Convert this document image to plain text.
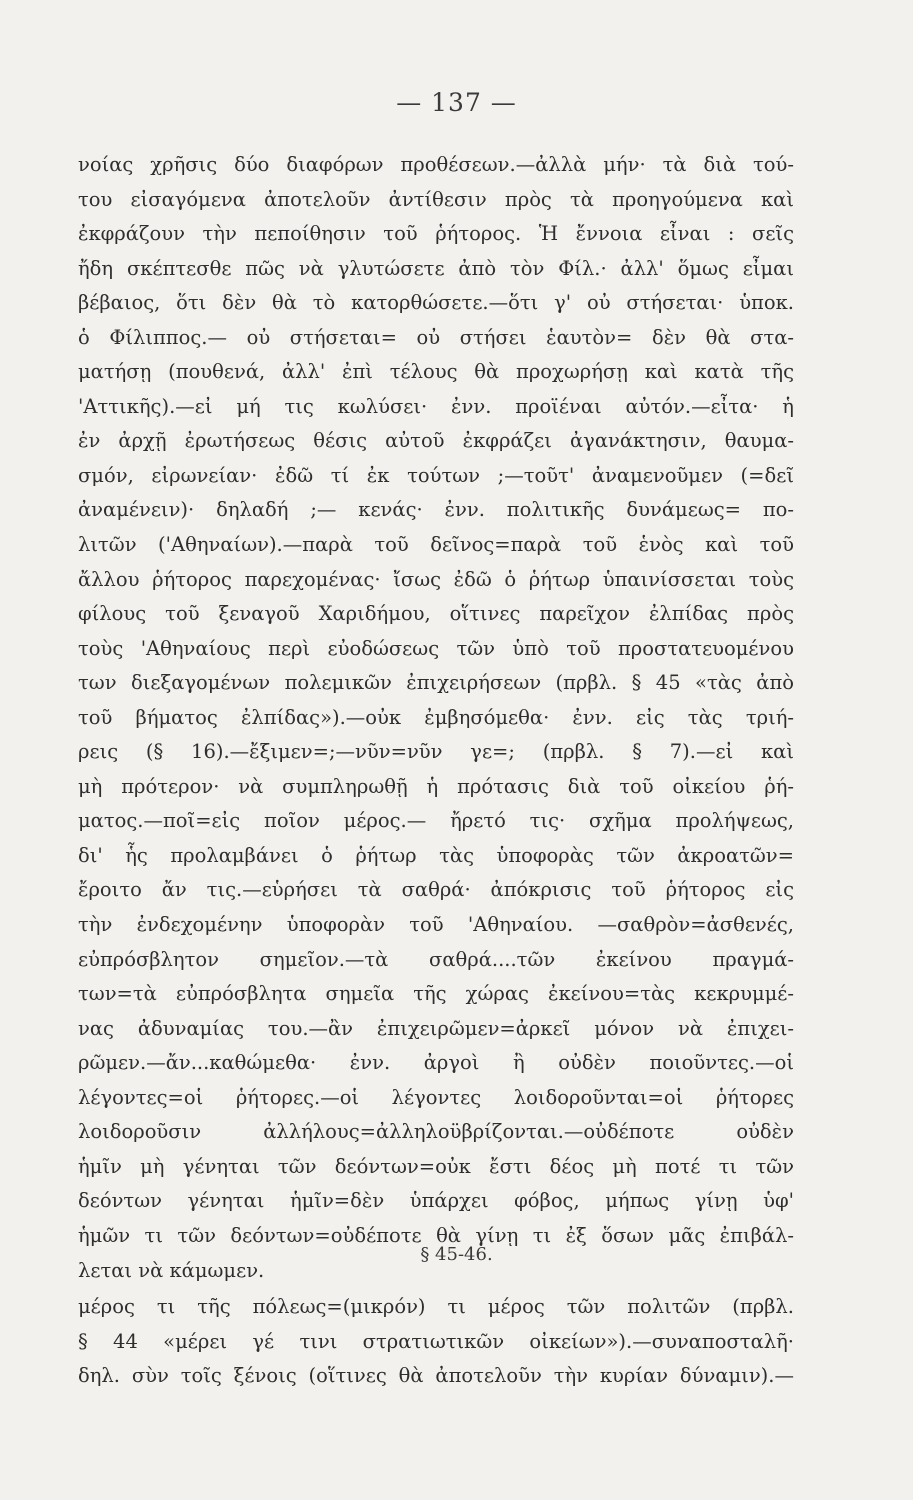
— 137 —
νοίας χρῆσις δύο διαφόρων προθέσεων.—ἀλλὰ μήν· τὰ διὰ τού-
του εἰσαγόμενα ἀποτελοῦν ἀντίθεσιν πρὸς τὰ προηγούμενα καὶ
ἐκφράζουν τὴν πεποίθησιν τοῦ ῥήτορος. Ἡ ἔννοια εἶναι : σεῖς
ἤδη σκέπτεσθε πῶς νὰ γλυτώσετε ἀπὸ τὸν Φίλ.· ἀλλ' ὅμως εἶμαι
βέβαιος, ὅτι δὲν θὰ τὸ κατορθώσετε.—ὅτι γ' οὐ στήσεται· ὑποκ.
ὁ Φίλιππος.— οὐ στήσεται= οὐ στήσει ἑαυτὸν= δὲν θὰ στα-
ματήσῃ (πουθενά, ἀλλ' ἐπὶ τέλους θὰ προχωρήσῃ καὶ κατὰ τῆς
'Αττικῆς).—εἰ μή τις κωλύσει· ἐνν. προϊέναι αὐτόν.—εἶτα· ἡ
ἐν ἀρχῇ ἐρωτήσεως θέσις αὐτοῦ ἐκφράζει ἀγανάκτησιν, θαυμα-
σμόν, εἰρωνείαν· ἐδῶ τί ἐκ τούτων ;—τοῦτ' ἀναμενοῦμεν (=δεῖ
ἀναμένειν)· δηλαδή ;— κενάς· ἐνν. πολιτικῆς δυνάμεως= πο-
λιτῶν ('Αθηναίων).—παρὰ τοῦ δεῖνος=παρὰ τοῦ ἑνὸς καὶ τοῦ
ἄλλου ῥήτορος παρεχομένας· ἴσως ἐδῶ ὁ ῥήτωρ ὑπαινίσσεται τοὺς
φίλους τοῦ ξεναγοῦ Χαριδήμου, οἵτινες παρεῖχον ἐλπίδας πρὸς
τοὺς 'Αθηναίους περὶ εὐοδώσεως τῶν ὑπὸ τοῦ προστατευομένου
των διεξαγομένων πολεμικῶν ἐπιχειρήσεων (πρβλ. § 45 «τὰς ἀπὸ
τοῦ βήματος ἐλπίδας»).—οὐκ ἐμβησόμεθα· ἐνν. εἰς τὰς τριή-
ρεις (§ 16).—ἔξιμεν=;—νῦν=νῦν γε=; (πρβλ. § 7).—εἰ καὶ
μὴ πρότερον· νὰ συμπληρωθῇ ἡ πρότασις διὰ τοῦ οἰκείου ῥή-
ματος.—ποῖ=εἰς ποῖον μέρος.— ἤρετό τις· σχῆμα προλήψεως,
δι' ἧς προλαμβάνει ὁ ῥήτωρ τὰς ὑποφορὰς τῶν ἀκροατῶν=
ἔροιτο ἄν τις.—εὑρήσει τὰ σαθρά· ἀπόκρισις τοῦ ῥήτορος εἰς
τὴν ἐνδεχομένην ὑποφορὰν τοῦ 'Αθηναίου. —σαθρὸν=ἀσθενές,
εὐπρόσβλητον σημεῖον.—τὰ σαθρά....τῶν ἐκείνου πραγμά-
των=τὰ εὐπρόσβλητα σημεῖα τῆς χώρας ἐκείνου=τὰς κεκρυμμέ-
νας ἀδυναμίας του.—ἂν ἐπιχειρῶμεν=ἀρκεῖ μόνον νὰ ἐπιχει-
ρῶμεν.—ἄν...καθώμεθα· ἐνν. ἀργοὶ ἢ οὐδὲν ποιοῦντες.—οἱ
λέγοντες=οἱ ῥήτορες.—οἱ λέγοντες λοιδοροῦνται=οἱ ῥήτορες
λοιδοροῦσιν ἀλλήλους=ἀλληλοϋβρίζονται.—οὐδέποτε οὐδὲν
ἡμῖν μὴ γένηται τῶν δεόντων=οὐκ ἔστι δέος μὴ ποτέ τι τῶν
δεόντων γένηται ἡμῖν=δὲν ὑπάρχει φόβος, μήπως γίνῃ ὑφ'
ἡμῶν τι τῶν δεόντων=οὐδέποτε θὰ γίνῃ τι ἐξ ὅσων μᾶς ἐπιβάλ-
λεται νὰ κάμωμεν.
§ 45-46.
μέρος τι τῆς πόλεως=(μικρόν) τι μέρος τῶν πολιτῶν (πρβλ.
§ 44 «μέρει γέ τινι στρατιωτικῶν οἰκείων»).—συναποσταλῆ·
δηλ. σὺν τοῖς ξένοις (οἵτινες θὰ ἀποτελοῦν τὴν κυρίαν δύναμιν).—
